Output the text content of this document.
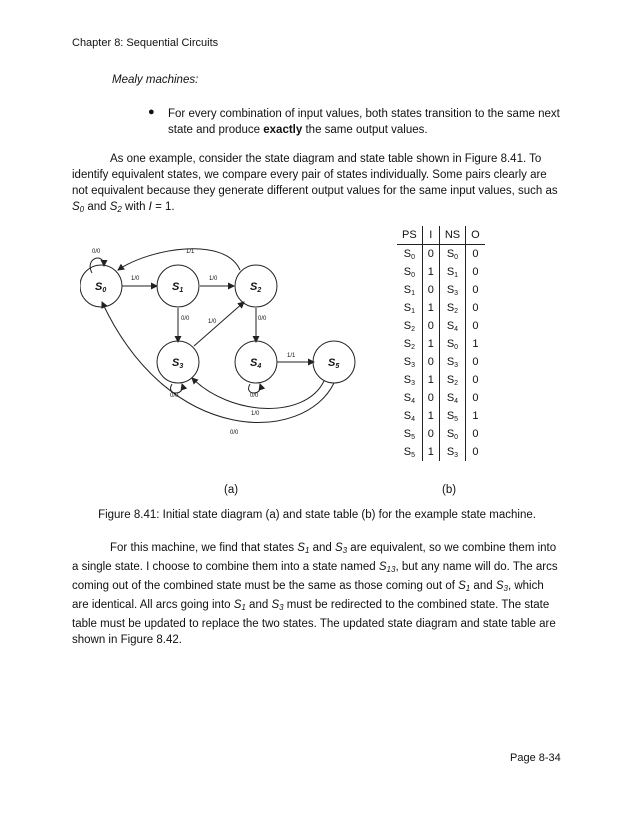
Chapter 8: Sequential Circuits
Mealy machines:
● For every combination of input values, both states transition to the same next state and produce exactly the same output values.
As one example, consider the state diagram and state table shown in Figure 8.41. To identify equivalent states, we compare every pair of states individually. Some pairs clearly are not equivalent because they generate different output values for the same input values, such as $S_0$ and $S_2$ with I = 1.
S0	S1	S2
S3	S4	S5
0/0	1/1
1/0	1/0
0/0	1/0	0/0
1/1
0/0	0/0
1/0
0/0
PS	I	NS	O
S0	0	S0	0
S0	1	S1	0
S1	0	S3	0
S1	1	S2	0
S2	0	S4	0
S2	1	S0	1
S3	0	S3	0
S3	1	S2	0
S4	0	S4	0
S4	1	S5	1
S5	0	S0	0
S5	1	S3	0
(a)	(b)
Figure 8.41: Initial state diagram (a) and state table (b) for the example state machine.
For this machine, we find that states $S_1$ and $S_3$ are equivalent, so we combine them into a single state. I choose to combine them into a state named $S_{13}$, but any name will do. The arcs coming out of the combined state must be the same as those coming out of $S_1$ and $S_3$, which are identical. All arcs going into $S_1$ and $S_3$ must be redirected to the combined state. The state table must be updated to replace the two states. The updated state diagram and state table are shown in Figure 8.42.
Page 8-34
